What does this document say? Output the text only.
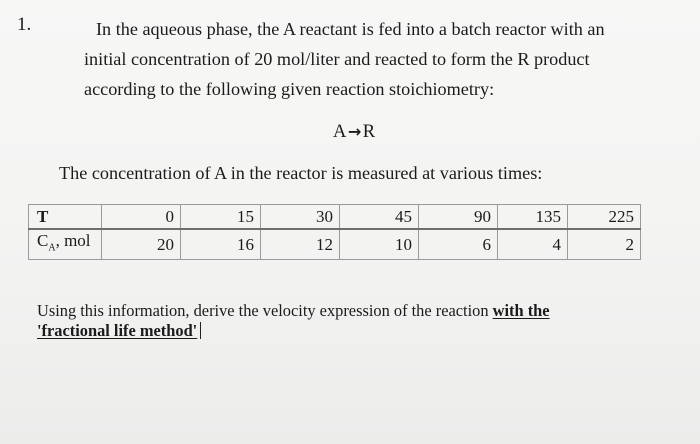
1.	In the aqueous phase, the A reactant is fed into a batch reactor with an
initial concentration of 20 mol/liter and reacted to form the R product
according to the following given reaction stoichiometry:
A→R
The concentration of A in the reactor is measured at various times:
T	0	15	30	45	90	135	225
$C_A$, mol	20	16	12	10	6	4	2
Using this information, derive the velocity expression of the reaction with the
'fractional life method'
